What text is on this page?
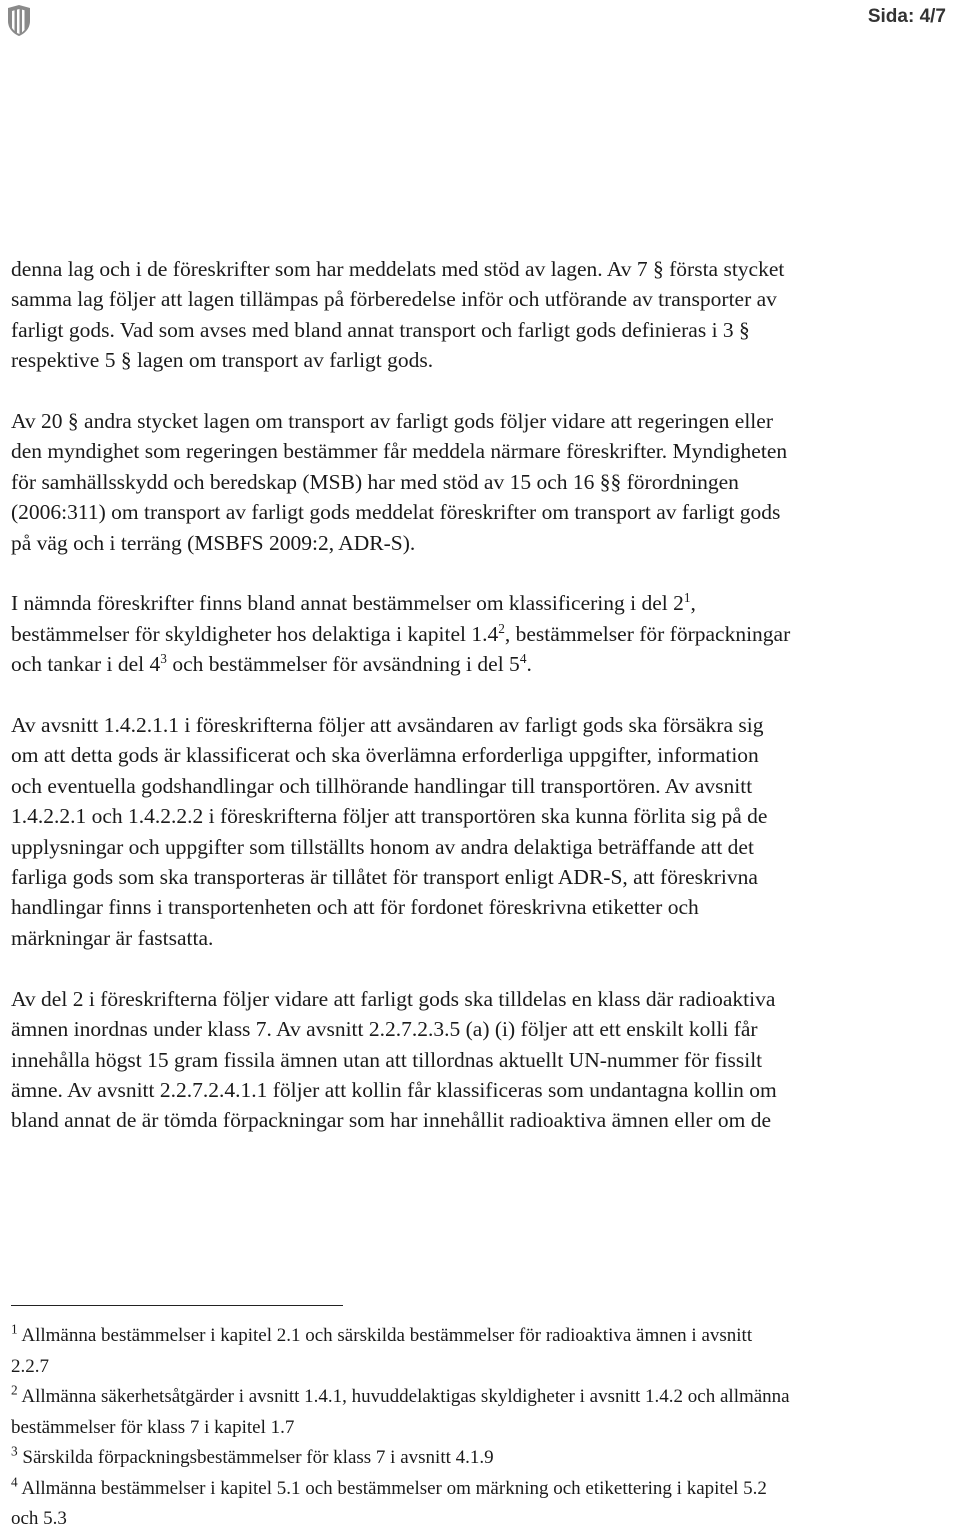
Sida: 4/7

denna lag och i de föreskrifter som har meddelats med stöd av lagen. Av 7 § första stycket samma lag följer att lagen tillämpas på förberedelse inför och utförande av transporter av farligt gods. Vad som avses med bland annat transport och farligt gods definieras i 3 § respektive 5 § lagen om transport av farligt gods.

Av 20 § andra stycket lagen om transport av farligt gods följer vidare att regeringen eller den myndighet som regeringen bestämmer får meddela närmare föreskrifter. Myndigheten för samhällsskydd och beredskap (MSB) har med stöd av 15 och 16 §§ förordningen (2006:311) om transport av farligt gods meddelat föreskrifter om transport av farligt gods på väg och i terräng (MSBFS 2009:2, ADR-S).

I nämnda föreskrifter finns bland annat bestämmelser om klassificering i del $2^1$, bestämmelser för skyldigheter hos delaktiga i kapitel $1.4^2$, bestämmelser för förpackningar och tankar i del $4^3$ och bestämmelser för avsändning i del $5^4$.

Av avsnitt 1.4.2.1.1 i föreskrifterna följer att avsändaren av farligt gods ska försäkra sig om att detta gods är klassificerat och ska överlämna erforderliga uppgifter, information och eventuella godshandlingar och tillhörande handlingar till transportören. Av avsnitt 1.4.2.2.1 och 1.4.2.2.2 i föreskrifterna följer att transportören ska kunna förlita sig på de upplysningar och uppgifter som tillställts honom av andra delaktiga beträffande att det farliga gods som ska transporteras är tillåtet för transport enligt ADR-S, att föreskrivna handlingar finns i transportenheten och att för fordonet föreskrivna etiketter och märkningar är fastsatta.

Av del 2 i föreskrifterna följer vidare att farligt gods ska tilldelas en klass där radioaktiva ämnen inordnas under klass 7. Av avsnitt 2.2.7.2.3.5 (a) (i) följer att ett enskilt kolli får innehålla högst 15 gram fissila ämnen utan att tillordnas aktuellt UN-nummer för fissilt ämne. Av avsnitt 2.2.7.2.4.1.1 följer att kollin får klassificeras som undantagna kollin om bland annat de är tömda förpackningar som har innehållit radioaktiva ämnen eller om de

$^1$ Allmänna bestämmelser i kapitel 2.1 och särskilda bestämmelser för radioaktiva ämnen i avsnitt 2.2.7

$^2$ Allmänna säkerhetsåtgärder i avsnitt 1.4.1, huvuddelaktigas skyldigheter i avsnitt 1.4.2 och allmänna bestämmelser för klass 7 i kapitel 1.7

$^3$ Särskilda förpackningsbestämmelser för klass 7 i avsnitt 4.1.9

$^4$ Allmänna bestämmelser i kapitel 5.1 och bestämmelser om märkning och etikettering i kapitel 5.2 och 5.3
